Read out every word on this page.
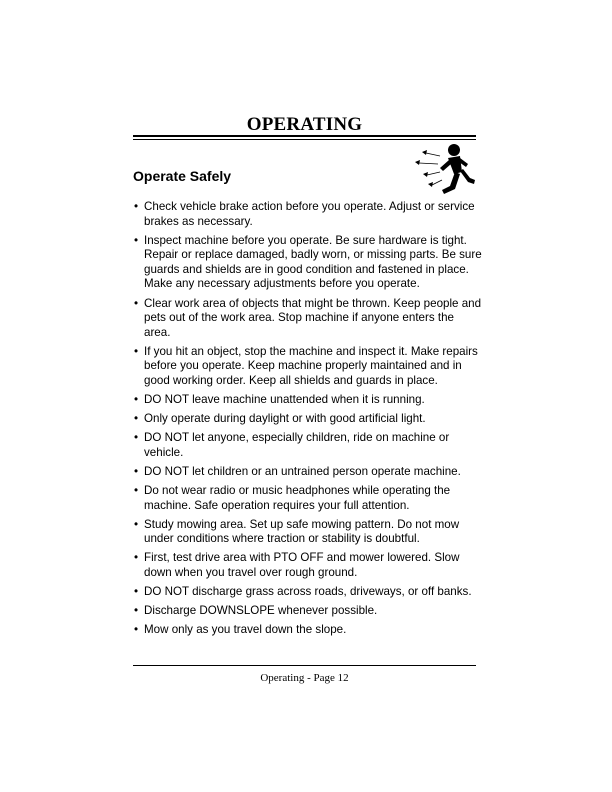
OPERATING
Operate Safely
• Check vehicle brake action before you operate. Adjust or service brakes as necessary.
• Inspect machine before you operate. Be sure hardware is tight. Repair or replace damaged, badly worn, or missing parts. Be sure guards and shields are in good condition and fastened in place. Make any necessary adjustments before you operate.
• Clear work area of objects that might be thrown. Keep people and pets out of the work area. Stop machine if anyone enters the area.
• If you hit an object, stop the machine and inspect it. Make repairs before you operate. Keep machine properly maintained and in good working order. Keep all shields and guards in place.
• DO NOT leave machine unattended when it is running.
• Only operate during daylight or with good artificial light.
• DO NOT let anyone, especially children, ride on machine or vehicle.
• DO NOT let children or an untrained person operate machine.
• Do not wear radio or music headphones while operating the machine. Safe operation requires your full attention.
• Study mowing area. Set up safe mowing pattern. Do not mow under conditions where traction or stability is doubtful.
• First, test drive area with PTO OFF and mower lowered. Slow down when you travel over rough ground.
• DO NOT discharge grass across roads, driveways, or off banks.
• Discharge DOWNSLOPE whenever possible.
• Mow only as you travel down the slope.
Operating - Page 12
